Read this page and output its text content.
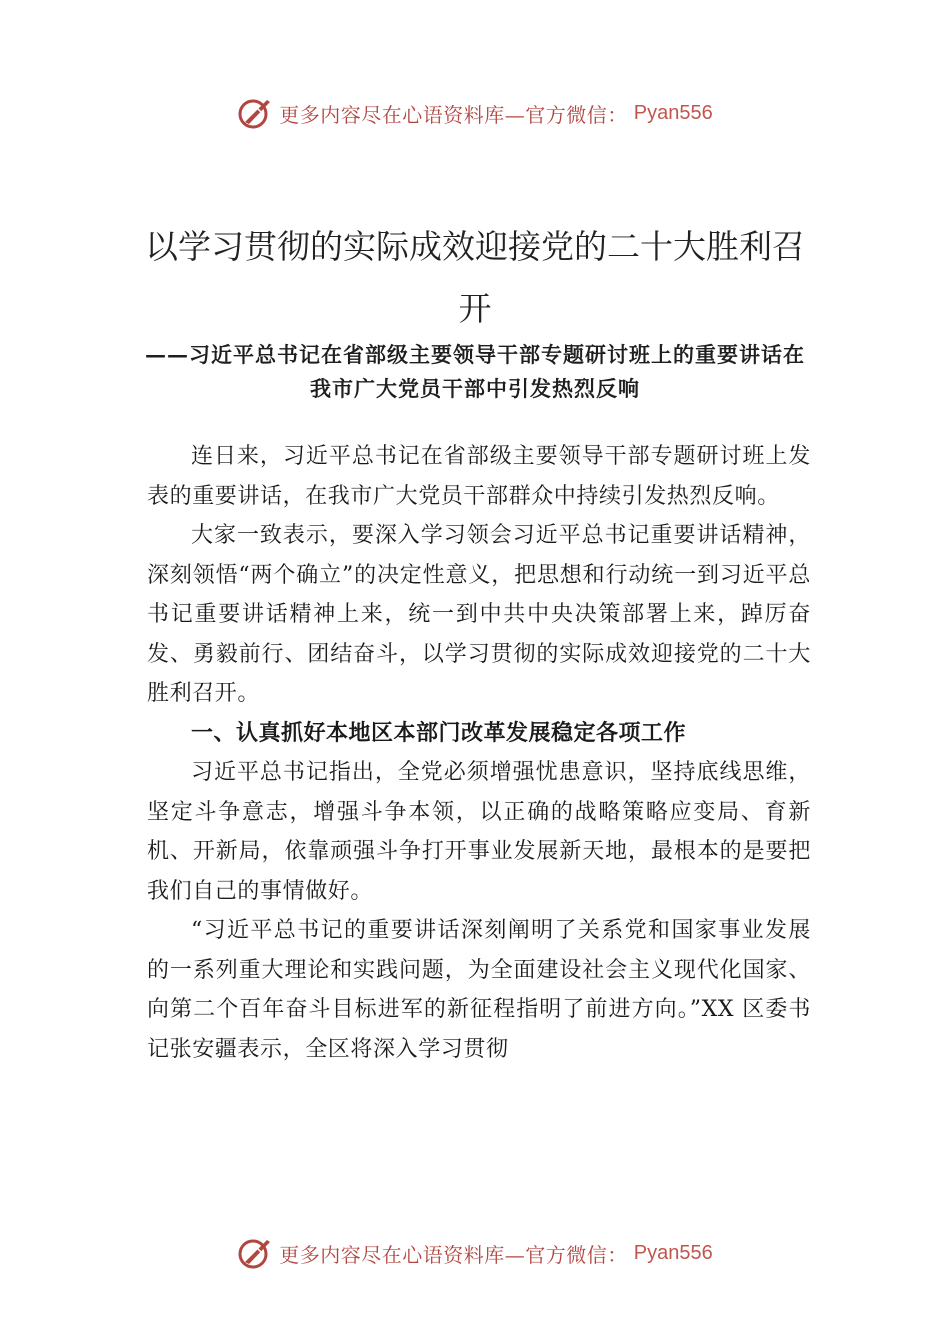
更多内容尽在心语资料库—官方微信： Pyan556
以学习贯彻的实际成效迎接党的二十大胜利召开
——习近平总书记在省部级主要领导干部专题研讨班上的重要讲话在我市广大党员干部中引发热烈反响

连日来，习近平总书记在省部级主要领导干部专题研讨班上发表的重要讲话，在我市广大党员干部群众中持续引发热烈反响。

大家一致表示，要深入学习领会习近平总书记重要讲话精神，深刻领悟“两个确立”的决定性意义，把思想和行动统一到习近平总书记重要讲话精神上来，统一到中共中央决策部署上来，踔厉奋发、勇毅前行、团结奋斗，以学习贯彻的实际成效迎接党的二十大胜利召开。

一、认真抓好本地区本部门改革发展稳定各项工作

习近平总书记指出，全党必须增强忧患意识，坚持底线思维，坚定斗争意志，增强斗争本领，以正确的战略策略应变局、育新机、开新局，依靠顽强斗争打开事业发展新天地，最根本的是要把我们自己的事情做好。

“习近平总书记的重要讲话深刻阐明了关系党和国家事业发展的一系列重大理论和实践问题，为全面建设社会主义现代化国家、向第二个百年奋斗目标进军的新征程指明了前进方向。”XX 区委书记张安疆表示，全区将深入学习贯彻

更多内容尽在心语资料库—官方微信： Pyan556
